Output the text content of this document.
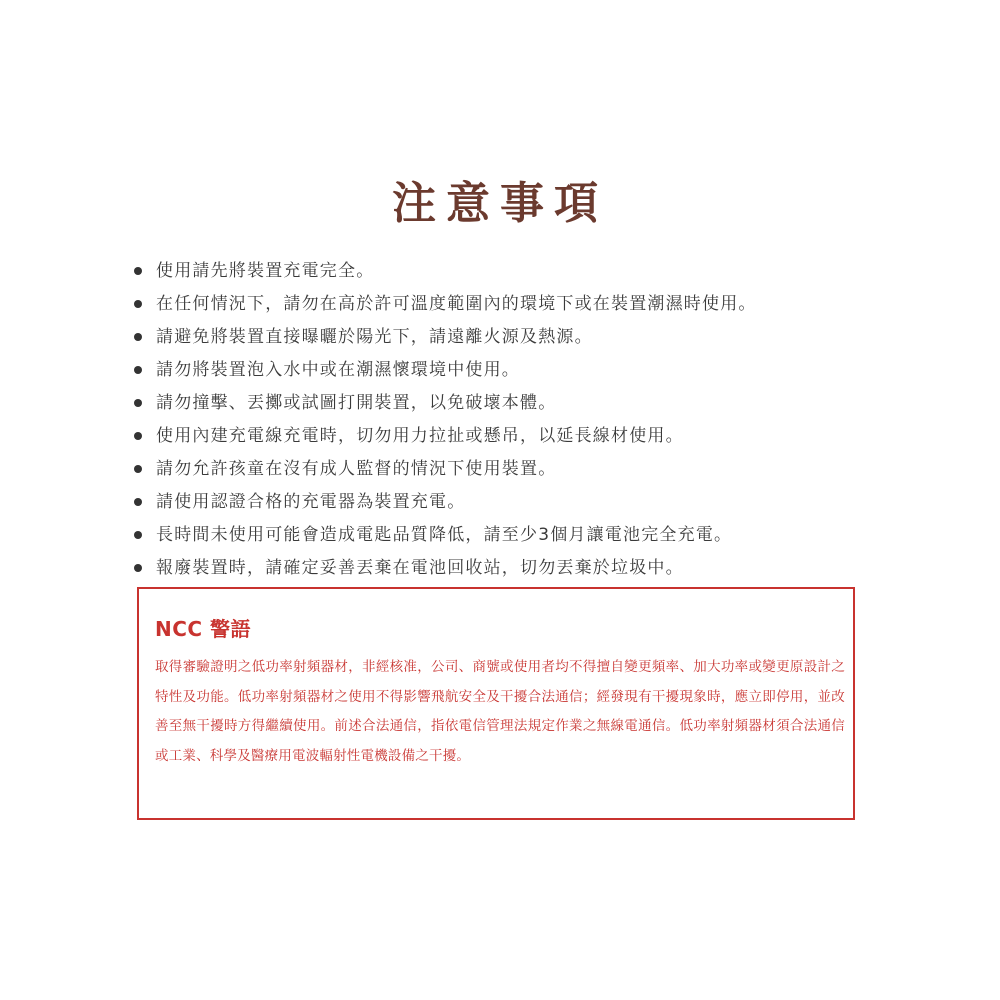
注意事項
使用請先將裝置充電完全。
在任何情況下，請勿在高於許可溫度範圍內的環境下或在裝置潮濕時使用。
請避免將裝置直接曝曬於陽光下，請遠離火源及熱源。
請勿將裝置泡入水中或在潮濕懷環境中使用。
請勿撞擊、丟擲或試圖打開裝置，以免破壞本體。
使用內建充電線充電時，切勿用力拉扯或懸吊，以延長線材使用。
請勿允許孩童在沒有成人監督的情況下使用裝置。
請使用認證合格的充電器為裝置充電。
長時間未使用可能會造成電匙品質降低，請至少3個月讓電池完全充電。
報廢裝置時，請確定妥善丟棄在電池回收站，切勿丟棄於垃圾中。
NCC 警語
取得審驗證明之低功率射頻器材，非經核准，公司、商號或使用者均不得擅自變更頻率、加大功率或變更原設計之特性及功能。低功率射頻器材之使用不得影響飛航安全及干擾合法通信；經發現有干擾現象時，應立即停用，並改善至無干擾時方得繼續使用。前述合法通信，指依電信管理法規定作業之無線電通信。低功率射頻器材須合法通信或工業、科學及醫療用電波輻射性電機設備之干擾。
